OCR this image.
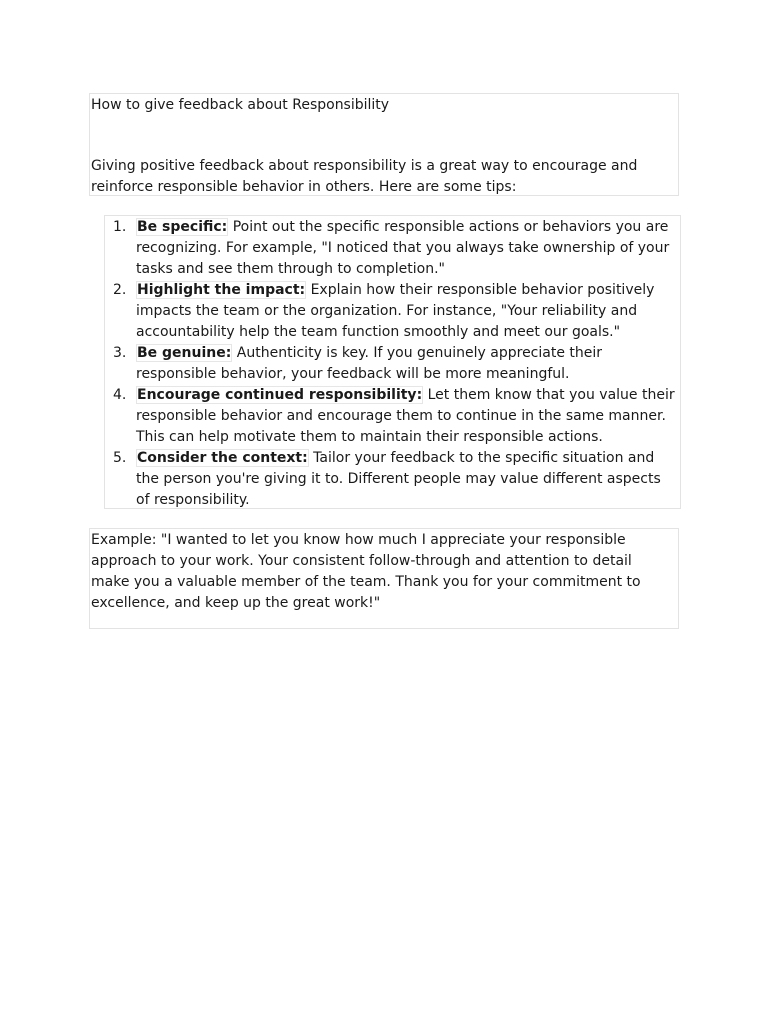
How to give feedback about Responsibility
Giving positive feedback about responsibility is a great way to encourage and reinforce responsible behavior in others. Here are some tips:
1. Be specific: Point out the specific responsible actions or behaviors you are recognizing. For example, "I noticed that you always take ownership of your tasks and see them through to completion."
2. Highlight the impact: Explain how their responsible behavior positively impacts the team or the organization. For instance, "Your reliability and accountability help the team function smoothly and meet our goals."
3. Be genuine: Authenticity is key. If you genuinely appreciate their responsible behavior, your feedback will be more meaningful.
4. Encourage continued responsibility: Let them know that you value their responsible behavior and encourage them to continue in the same manner. This can help motivate them to maintain their responsible actions.
5. Consider the context: Tailor your feedback to the specific situation and the person you're giving it to. Different people may value different aspects of responsibility.
Example: "I wanted to let you know how much I appreciate your responsible approach to your work. Your consistent follow-through and attention to detail make you a valuable member of the team. Thank you for your commitment to excellence, and keep up the great work!"
